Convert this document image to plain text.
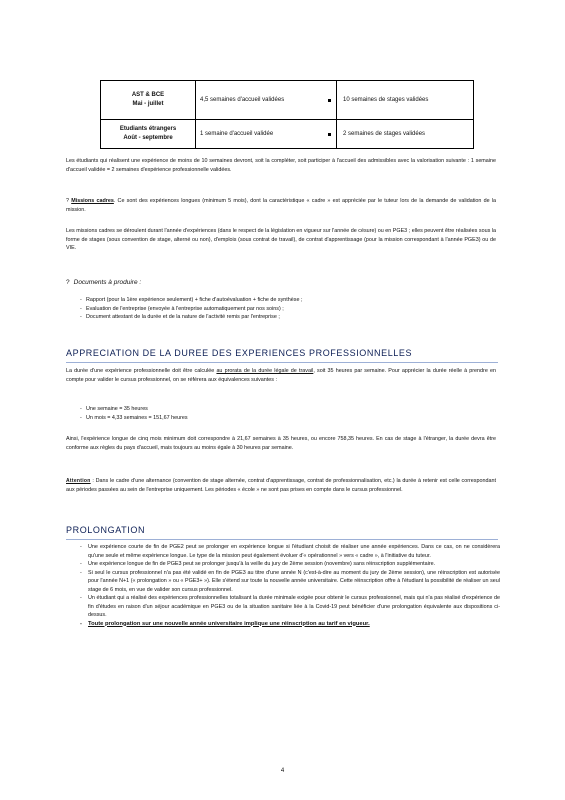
AST & BCE
Mai - juillet	4,5 semaines d'accueil validées	10 semaines de stages validées

Etudiants étrangers
Août - septembre	1 semaine d'accueil validée	2 semaines de stages validées

Les étudiants qui réalisent une expérience de moins de 10 semaines devront, soit la compléter, soit participer à l'accueil des admissibles avec la valorisation suivante : 1 semaine d'accueil validée = 2 semaines d'expérience professionnelle validées.

? Missions cadres. Ce sont des expériences longues (minimum 5 mois), dont la caractéristique « cadre » est appréciée par le tuteur lors de la demande de validation de la mission.

Les missions cadres se déroulent durant l'année d'expériences (dans le respect de la législation en vigueur sur l'année de césure) ou en PGE3 ; elles peuvent être réalisées sous la forme de stages (sous convention de stage, alterné ou non), d'emplois (sous contrat de travail), de contrat d'apprentissage (pour la mission correspondant à l'année PGE3) ou de VIE.

? Documents à produire :
- Rapport (pour la 1ère expérience seulement) + fiche d'autoévaluation + fiche de synthèse ;
- Evaluation de l'entreprise (envoyée à l'entreprise automatiquement par nos soins) ;
- Document attestant de la durée et de la nature de l'activité remis par l'entreprise ;
APPRECIATION DE LA DUREE DES EXPERIENCES PROFESSIONNELLES

La durée d'une expérience professionnelle doit être calculée au prorata de la durée légale de travail, soit 35 heures par semaine. Pour apprécier la durée réelle à prendre en compte pour valider le cursus professionnel, on se référera aux équivalences suivantes :

- Une semaine = 35 heures
- Un mois = 4,33 semaines = 151,67 heures

Ainsi, l'expérience longue de cinq mois minimum doit correspondre à 21,67 semaines à 35 heures, ou encore 758,35 heures. En cas de stage à l'étranger, la durée devra être conforme aux règles du pays d'accueil, mais toujours au moins égale à 30 heures par semaine.

Attention : Dans le cadre d'une alternance (convention de stage alternée, contrat d'apprentissage, contrat de professionnalisation, etc.) la durée à retenir est celle correspondant aux périodes passées au sein de l'entreprise uniquement. Les périodes « école » ne sont pas prises en compte dans le cursus professionnel.

PROLONGATION
- Une expérience courte de fin de PGE2 peut se prolonger en expérience longue si l'étudiant choisit de réaliser une année expériences. Dans ce cas, on ne considèrera qu'une seule et même expérience longue. Le type de la mission peut également évoluer d'« opérationnel » vers « cadre », à l'initiative du tuteur.
- Une expérience longue de fin de PGE3 peut se prolonger jusqu'à la veille du jury de 2ème session (novembre) sans réinscription supplémentaire.
- Si seul le cursus professionnel n'a pas été validé en fin de PGE3 au titre d'une année N (c'est-à-dire au moment du jury de 2ème session), une réinscription est autorisée pour l'année N+1 (« prolongation » ou « PGE3+ »). Elle s'étend sur toute la nouvelle année universitaire. Cette réinscription offre à l'étudiant la possibilité de réaliser un seul stage de 6 mois, en vue de valider son cursus professionnel.
- Un étudiant qui a réalisé des expériences professionnelles totalisant la durée minimale exigée pour obtenir le cursus professionnel, mais qui n'a pas réalisé d'expérience de fin d'études en raison d'un séjour académique en PGE3 ou de la situation sanitaire liée à la Covid-19 peut bénéficier d'une prolongation équivalente aux dispositions ci-dessus.
- Toute prolongation sur une nouvelle année universitaire implique une réinscription au tarif en vigueur.
4
